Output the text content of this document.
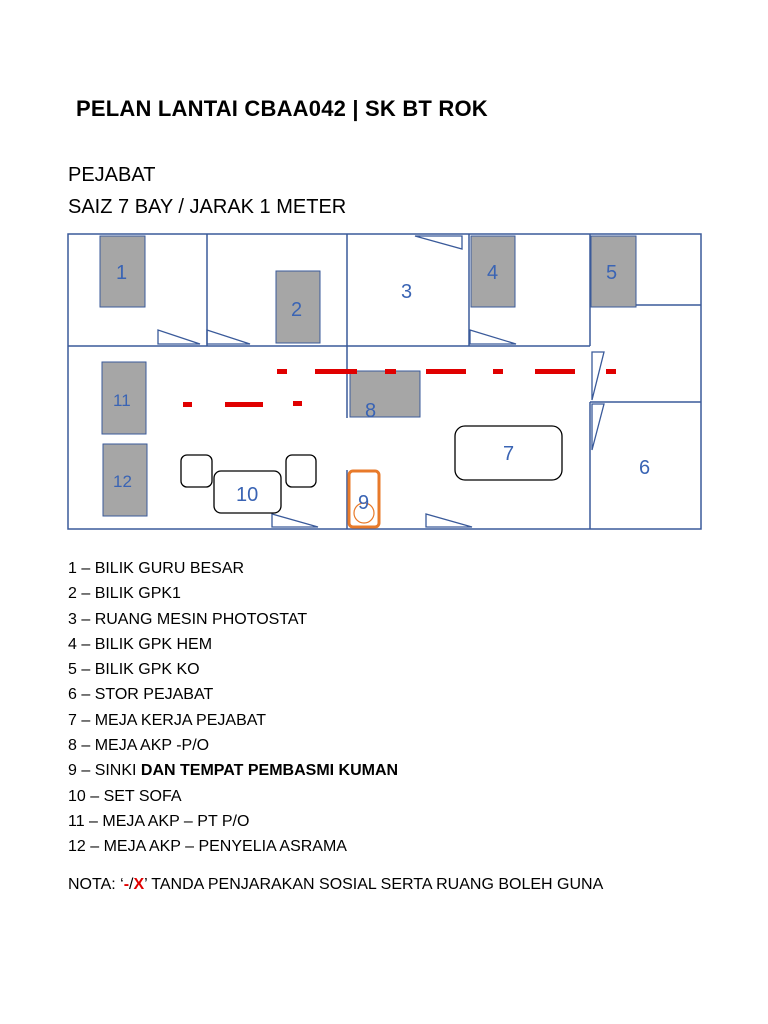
PELAN LANTAI CBAA042 | SK BT ROK
PEJABAT
SAIZ 7 BAY / JARAK 1 METER
1
2
3
4	5
6
7
8
9
10
11
12
1 – BILIK GURU BESAR
2 – BILIK GPK1
3 – RUANG MESIN PHOTOSTAT
4 – BILIK GPK HEM
5 – BILIK GPK KO
6 – STOR PEJABAT
7 – MEJA KERJA PEJABAT
8 – MEJA AKP -P/O
9 – SINKI DAN TEMPAT PEMBASMI KUMAN
10 – SET SOFA
11 – MEJA AKP – PT P/O
12 – MEJA AKP – PENYELIA ASRAMA
NOTA: ‘-/X’ TANDA PENJARAKAN SOSIAL SERTA RUANG BOLEH GUNA
